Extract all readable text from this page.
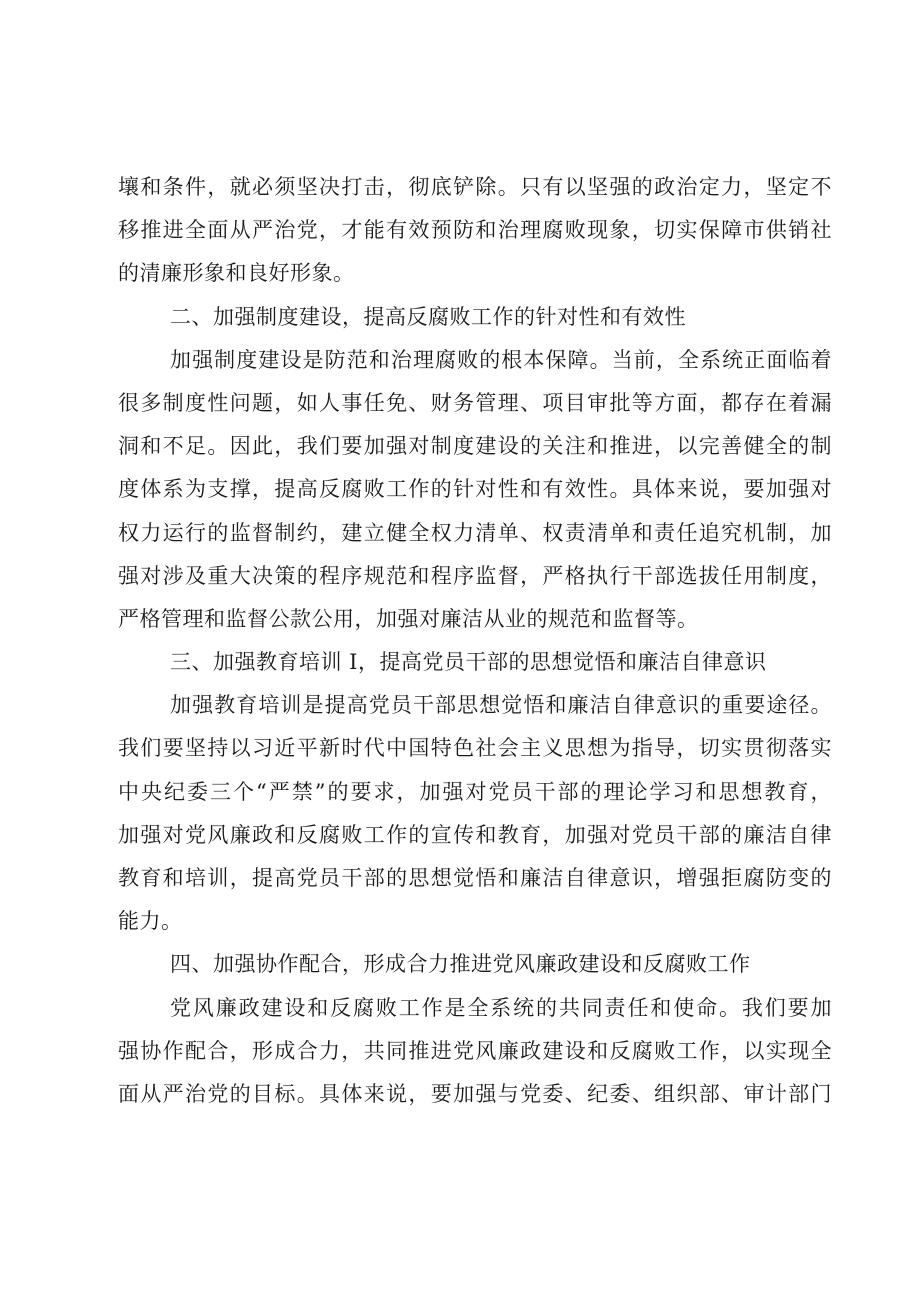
壤和条件，就必须坚决打击，彻底铲除。只有以坚强的政治定力，坚定不
移推进全面从严治党，才能有效预防和治理腐败现象，切实保障市供销社
的清廉形象和良好形象。
二、加强制度建设，提高反腐败工作的针对性和有效性
加强制度建设是防范和治理腐败的根本保障。当前，全系统正面临着
很多制度性问题，如人事任免、财务管理、项目审批等方面，都存在着漏
洞和不足。因此，我们要加强对制度建设的关注和推进，以完善健全的制
度体系为支撑，提高反腐败工作的针对性和有效性。具体来说，要加强对
权力运行的监督制约，建立健全权力清单、权责清单和责任追究机制，加
强对涉及重大决策的程序规范和程序监督，严格执行干部选拔任用制度，
严格管理和监督公款公用，加强对廉洁从业的规范和监督等。
三、加强教育培训 I，提高党员干部的思想觉悟和廉洁自律意识
加强教育培训是提高党员干部思想觉悟和廉洁自律意识的重要途径。
我们要坚持以习近平新时代中国特色社会主义思想为指导，切实贯彻落实
中央纪委三个“严禁”的要求，加强对党员干部的理论学习和思想教育，
加强对党风廉政和反腐败工作的宣传和教育，加强对党员干部的廉洁自律
教育和培训，提高党员干部的思想觉悟和廉洁自律意识，增强拒腐防变的
能力。
四、加强协作配合，形成合力推进党风廉政建设和反腐败工作
党风廉政建设和反腐败工作是全系统的共同责任和使命。我们要加
强协作配合，形成合力，共同推进党风廉政建设和反腐败工作，以实现全
面从严治党的目标。具体来说，要加强与党委、纪委、组织部、审计部门
